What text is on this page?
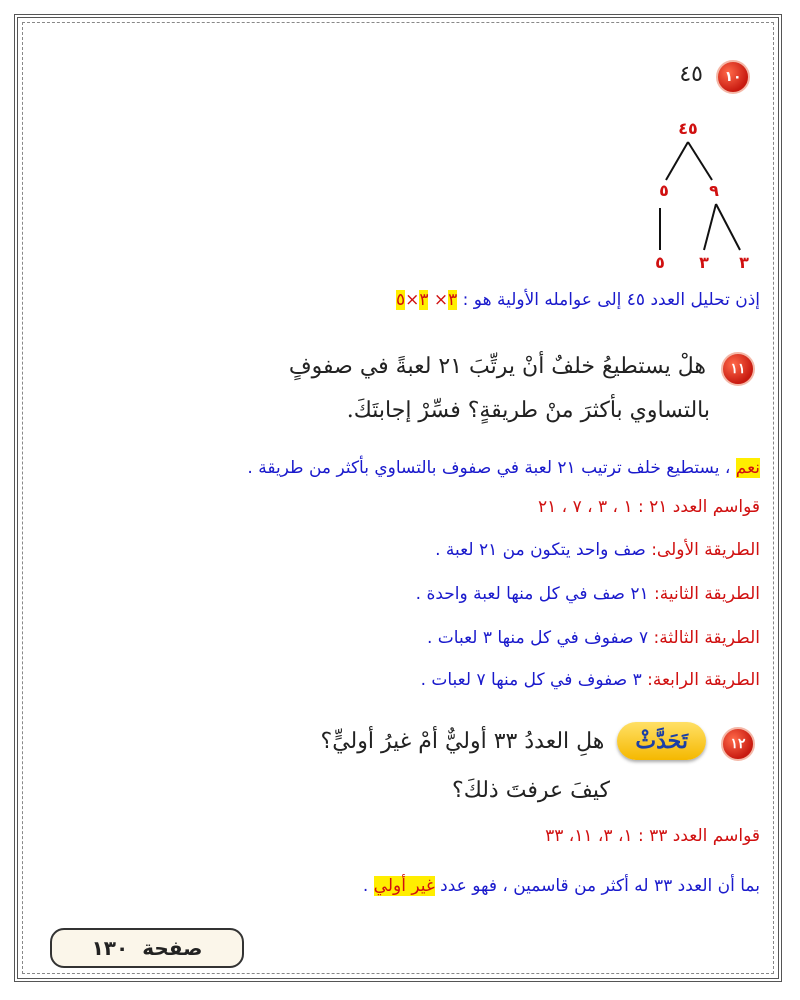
١٠ ٤٥
٤٥
٥	٩
٥ ٣ ٣
إذن تحليل العدد ٤٥ إلى عوامله الأولية هو : ٣× ٣×٥
١١ هلْ يستطيعُ خلفٌ أنْ يرتِّبَ ٢١ لعبةً في صفوفٍ
بالتساوي بأكثرَ منْ طريقةٍ؟ فسِّرْ إجابتَكَ.
نعم ، يستطيع خلف ترتيب ٢١ لعبة في صفوف بالتساوي بأكثر من طريقة .
قواسم العدد ٢١ : ١ ، ٣ ، ٧ ، ٢١
الطريقة الأولى: صف واحد يتكون من ٢١ لعبة .
الطريقة الثانية: ٢١ صف في كل منها لعبة واحدة .
الطريقة الثالثة: ٧ صفوف في كل منها ٣ لعبات .
الطريقة الرابعة: ٣ صفوف في كل منها ٧ لعبات .
١٢ تَحَدَّثْ هلِ العددُ ٣٣ أوليٌّ أمْ غيرُ أوليٍّ؟
كيفَ عرفتَ ذلكَ؟
قواسم العدد ٣٣ : ١، ٣، ١١، ٣٣
بما أن العدد ٣٣ له أكثر من قاسمين ، فهو عدد غير أولي .
صفحة
١٣٠
